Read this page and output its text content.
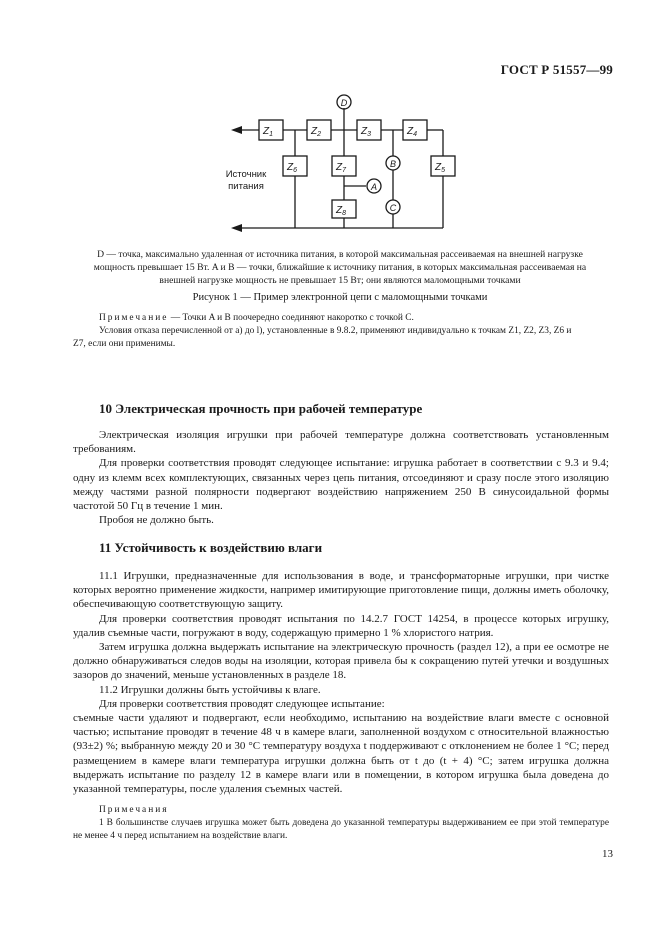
ГОСТ Р 51557—99
$Z_1$	$Z_2$	$Z_3$	$Z_4$
$Z_5$
$Z_6$	$Z_7$
$Z_8$
D
B
A
C
Источник
питания
D — точка, максимально удаленная от источника питания, в которой максимальная рассеиваемая на внешней нагрузке
мощность превышает 15 Вт. A и B — точки, ближайшие к источнику питания, в которых максимальная рассеиваемая на
внешней нагрузке мощность не превышает 15 Вт; они являются маломощными точками
Рисунок 1 — Пример электронной цепи с маломощными точками
Примечание — Точки A и B поочередно соединяют накоротко с точкой C.
Условия отказа перечисленной от а) до l), установленные в 9.8.2, применяют индивидуально к точкам Z1, Z2, Z3, Z6 и
Z7, если они применимы.
10 Электрическая прочность при рабочей температуре

Электрическая изоляция игрушки при рабочей температуре должна соответствовать установленным требованиям.

Для проверки соответствия проводят следующее испытание: игрушка работает в соответствии с 9.3 и 9.4; одну из клемм всех комплектующих, связанных через цепь питания, отсоединяют и сразу после этого изоляцию между частями разной полярности подвергают воздействию напряжением 250 В синусоидальной формы частотой 50 Гц в течение 1 мин.

Пробоя не должно быть.

11 Устойчивость к воздействию влаги

11.1 Игрушки, предназначенные для использования в воде, и трансформаторные игрушки, при чистке которых вероятно применение жидкости, например имитирующие приготовление пищи, должны иметь оболочку, обеспечивающую соответствующую защиту.

Для проверки соответствия проводят испытания по 14.2.7 ГОСТ 14254, в процессе которых игрушку, удалив съемные части, погружают в воду, содержащую примерно 1 % хлористого натрия.

Затем игрушка должна выдержать испытание на электрическую прочность (раздел 12), а при ее осмотре не должно обнаруживаться следов воды на изоляции, которая привела бы к сокращению путей утечки и воздушных зазоров до значений, меньше установленных в разделе 18.

11.2 Игрушки должны быть устойчивы к влаге.

Для проверки соответствия проводят следующее испытание:

съемные части удаляют и подвергают, если необходимо, испытанию на воздействие влаги вместе с основной частью; испытание проводят в течение 48 ч в камере влаги, заполненной воздухом с относительной влажностью (93±2) %; выбранную между 20 и 30 °С температуру воздуха t поддерживают с отклонением не более 1 °С; перед размещением в камере влаги температура игрушки должна быть от t до (t + 4) °С; затем игрушка должна выдержать испытание по разделу 12 в камере влаги или в помещении, в котором игрушка была доведена до указанной температуры, после удаления съемных частей.

Примечания
1 В большинстве случаев игрушка может быть доведена до указанной температуры выдерживанием ее при этой температуре не менее 4 ч перед испытанием на воздействие влаги.
13
